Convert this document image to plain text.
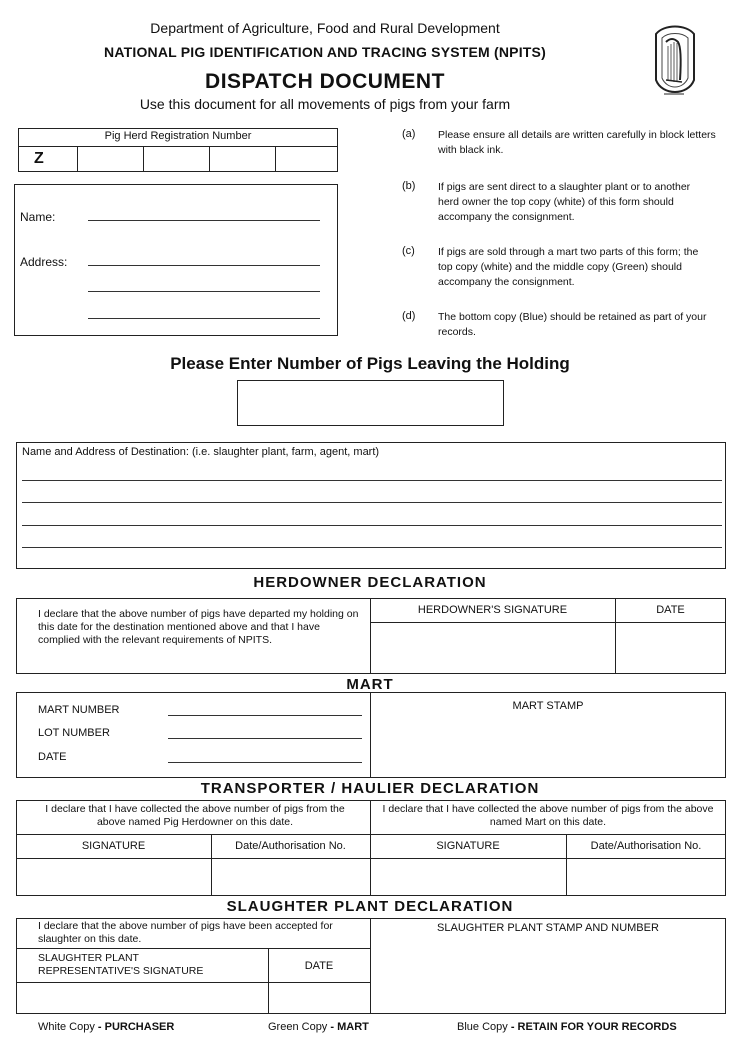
Department of Agriculture, Food and Rural Development
NATIONAL PIG IDENTIFICATION AND TRACING SYSTEM (NPITS)
DISPATCH DOCUMENT
Use this document for all movements of pigs from your farm
Pig Herd Registration Number
Z
Name:
Address:
(a) Please ensure all details are written carefully in block letters with black ink.
(b) If pigs are sent direct to a slaughter plant or to another herd owner the top copy (white) of this form should accompany the consignment.
(c) If pigs are sold through a mart two parts of this form; the top copy (white) and the middle copy (Green) should accompany the consignment.
(d) The bottom copy (Blue) should be retained as part of your records.
Please Enter Number of Pigs Leaving the Holding
Name and Address of Destination: (i.e. slaughter plant, farm, agent, mart)
HERDOWNER DECLARATION
I declare that the above number of pigs have departed my holding on this date for the destination mentioned above and that I have complied with the relevant requirements of NPITS.
HERDOWNER'S SIGNATURE	DATE
MART
MART NUMBER
LOT NUMBER
DATE
MART STAMP
TRANSPORTER / HAULIER DECLARATION
I declare that I have collected the above number of pigs from the above named Pig Herdowner on this date.
I declare that I have collected the above number of pigs from the above named Mart on this date.
SIGNATURE	Date/Authorisation No.	SIGNATURE	Date/Authorisation No.
SLAUGHTER PLANT DECLARATION
I declare that the above number of pigs have been accepted for slaughter on this date.
SLAUGHTER PLANT REPRESENTATIVE'S SIGNATURE	DATE
SLAUGHTER PLANT STAMP AND NUMBER
White Copy - PURCHASER	Green Copy - MART	Blue Copy - RETAIN FOR YOUR RECORDS
